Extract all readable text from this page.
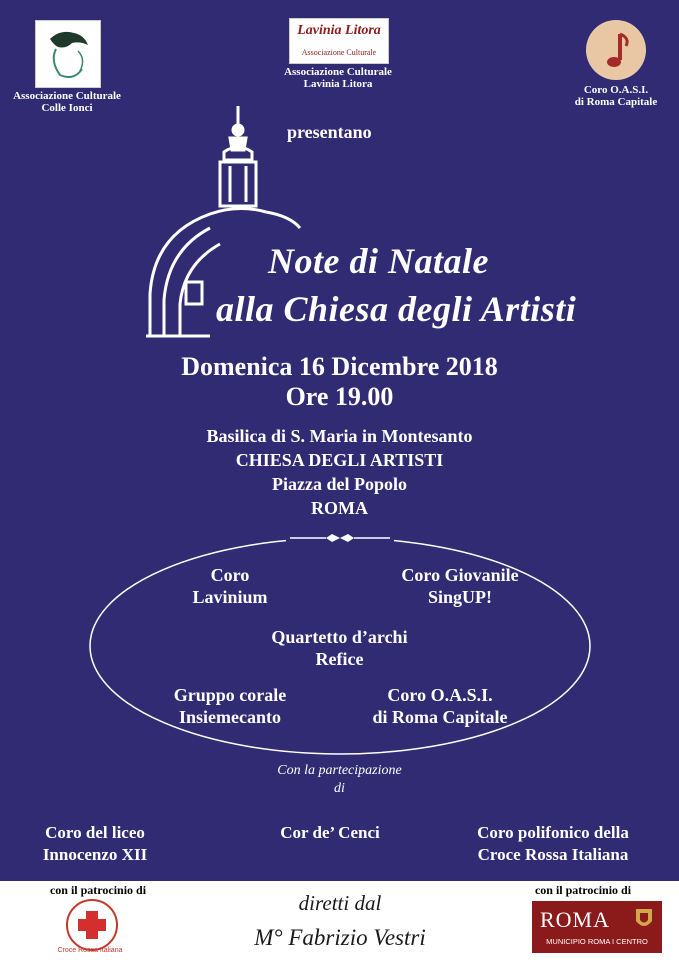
Associazione Culturale
Colle Ionci
Lavinia Litora
Associazione Culturale
Associazione Culturale
Lavinia Litora	Coro O.A.S.I.
di Roma Capitale
presentano
Note di Natale
alla Chiesa degli Artisti
Domenica 16 Dicembre 2018
Ore 19.00
Basilica di S. Maria in Montesanto
CHIESA DEGLI ARTISTI
Piazza del Popolo
ROMA
Coro
Lavinium
Coro Giovanile
SingUP!
Quartetto d’archi
Refice
Gruppo corale
Insiemecanto
Coro O.A.S.I.
di Roma Capitale
Con la partecipazione
di
Coro del liceo
Innocenzo XII
Cor de’ Cenci	Coro polifonico della
Croce Rossa Italiana
con il patrocinio di
Croce Rossa Italiana
diretti dal
M° Fabrizio Vestri
con il patrocinio di
ROMA
MUNICIPIO ROMA I CENTRO
